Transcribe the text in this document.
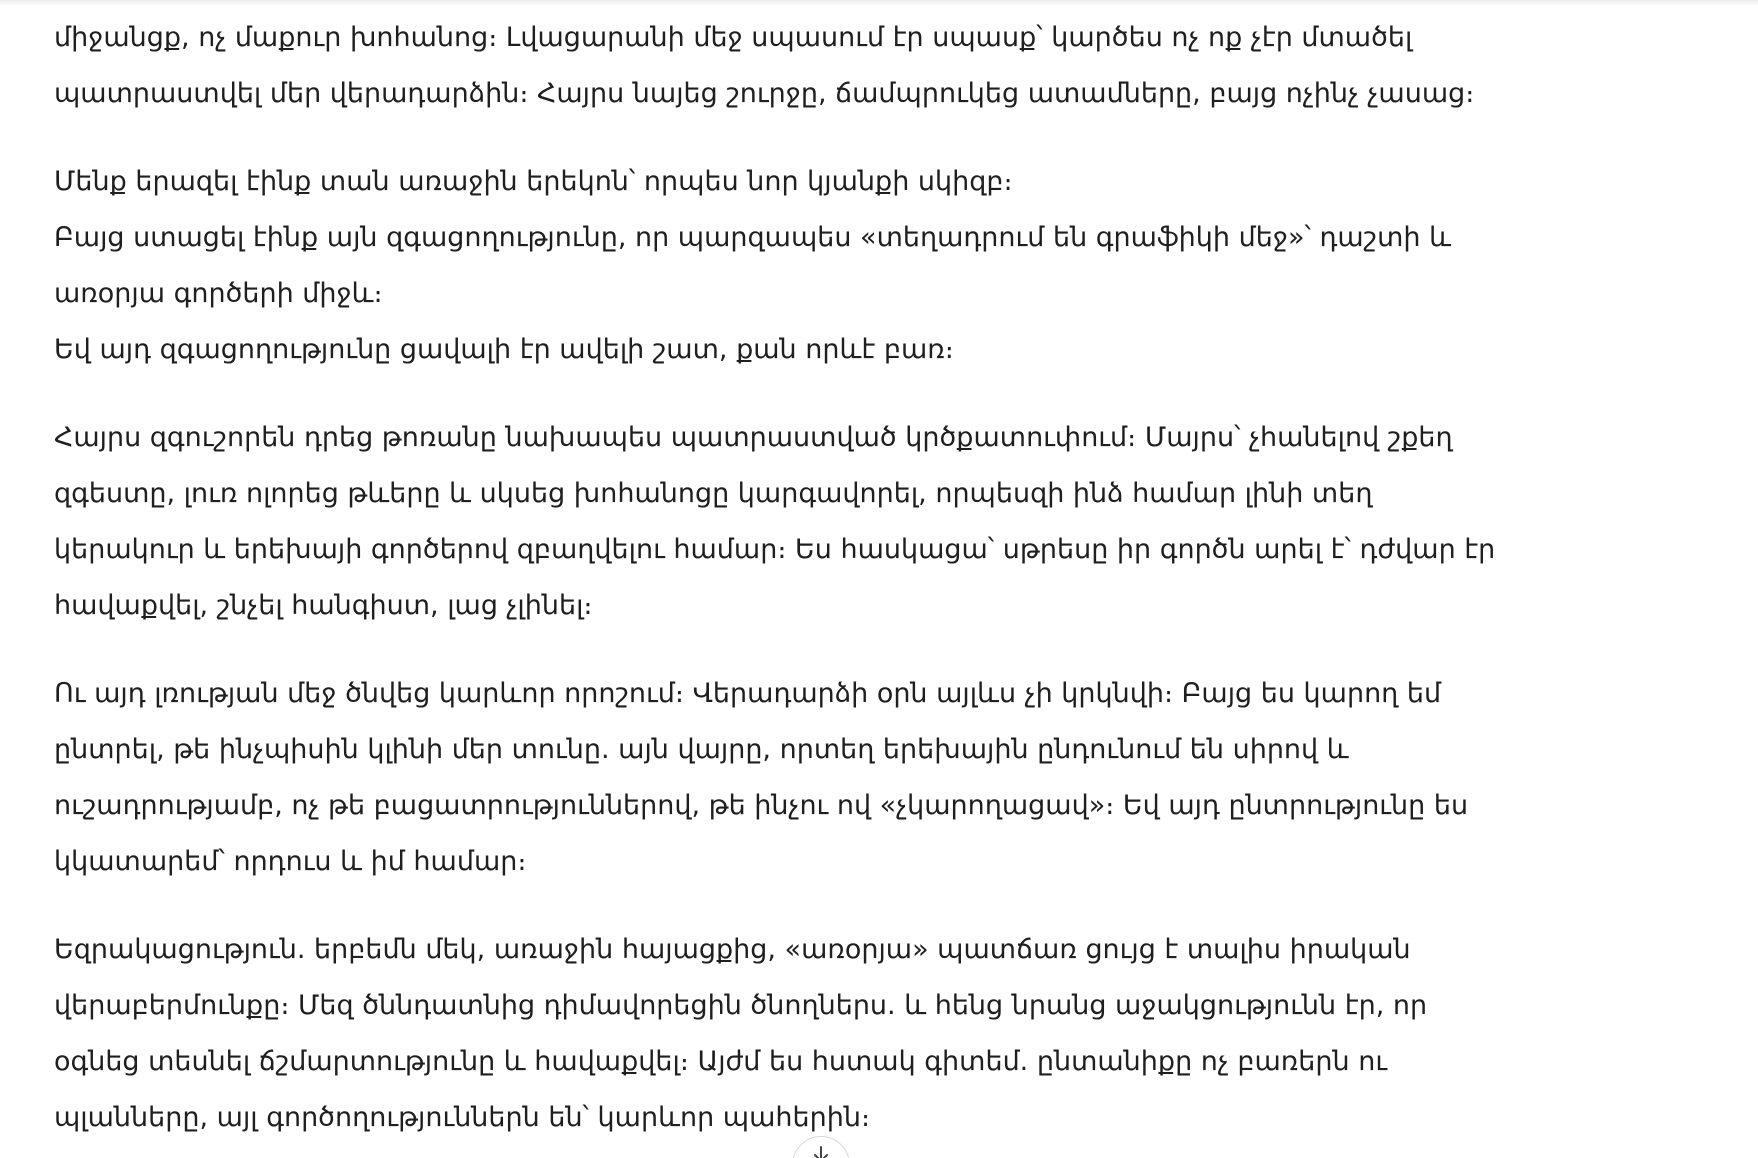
միջանցք, ոչ մաքուր խոհանոց։ Լվացարանի մեջ սպասում էր սպասք՝ կարծես ոչ ոք չէր մտածել
պատրաստվել մեր վերադարձին։ Հայրս նայեց շուրջը, ճամպրուկեց ատամները, բայց ոչինչ չասաց։

Մենք երազել էինք տան առաջին երեկոն՝ որպես նոր կյանքի սկիզբ։
Բայց ստացել էինք այն զգացողությունը, որ պարզապես «տեղադրում են գրաֆիկի մեջ»՝ դաշտի և
առօրյա գործերի միջև։
Եվ այդ զգացողությունը ցավալի էր ավելի շատ, քան որևէ բառ։

Հայրս զգուշորեն դրեց թոռանը նախապես պատրաստված կրծքատուփում։ Մայրս՝ չհանելով շքեղ
զգեստը, լուռ ոլորեց թևերը և սկսեց խոհանոցը կարգավորել, որպեսզի ինձ համար լինի տեղ
կերակուր և երեխայի գործերով զբաղվելու համար։ Ես հասկացա՝ սթրեսը իր գործն արել է՝ դժվար էր
հավաքվել, շնչել հանգիստ, լաց չլինել։

Ու այդ լռության մեջ ծնվեց կարևոր որոշում։ Վերադարձի օրն այլևս չի կրկնվի։ Բայց ես կարող եմ
ընտրել, թե ինչպիսին կլինի մեր տունը. այն վայրը, որտեղ երեխային ընդունում են սիրով և
ուշադրությամբ, ոչ թե բացատրություններով, թե ինչու ով «չկարողացավ»։ Եվ այդ ընտրությունը ես
կկատարեմ՝ որդուս և իմ համար։

Եզրակացություն. երբեմն մեկ, առաջին հայացքից, «առօրյա» պատճառ ցույց է տալիս իրական
վերաբերմունքը։ Մեզ ծննդատնից դիմավորեցին ծնողներս. և հենց նրանց աջակցությունն էր, որ
օգնեց տեսնել ճշմարտությունը և հավաքվել։ Այժմ ես հստակ գիտեմ. ընտանիքը ոչ բառերն ու
պլանները, այլ գործողություններն են՝ կարևոր պահերին։
